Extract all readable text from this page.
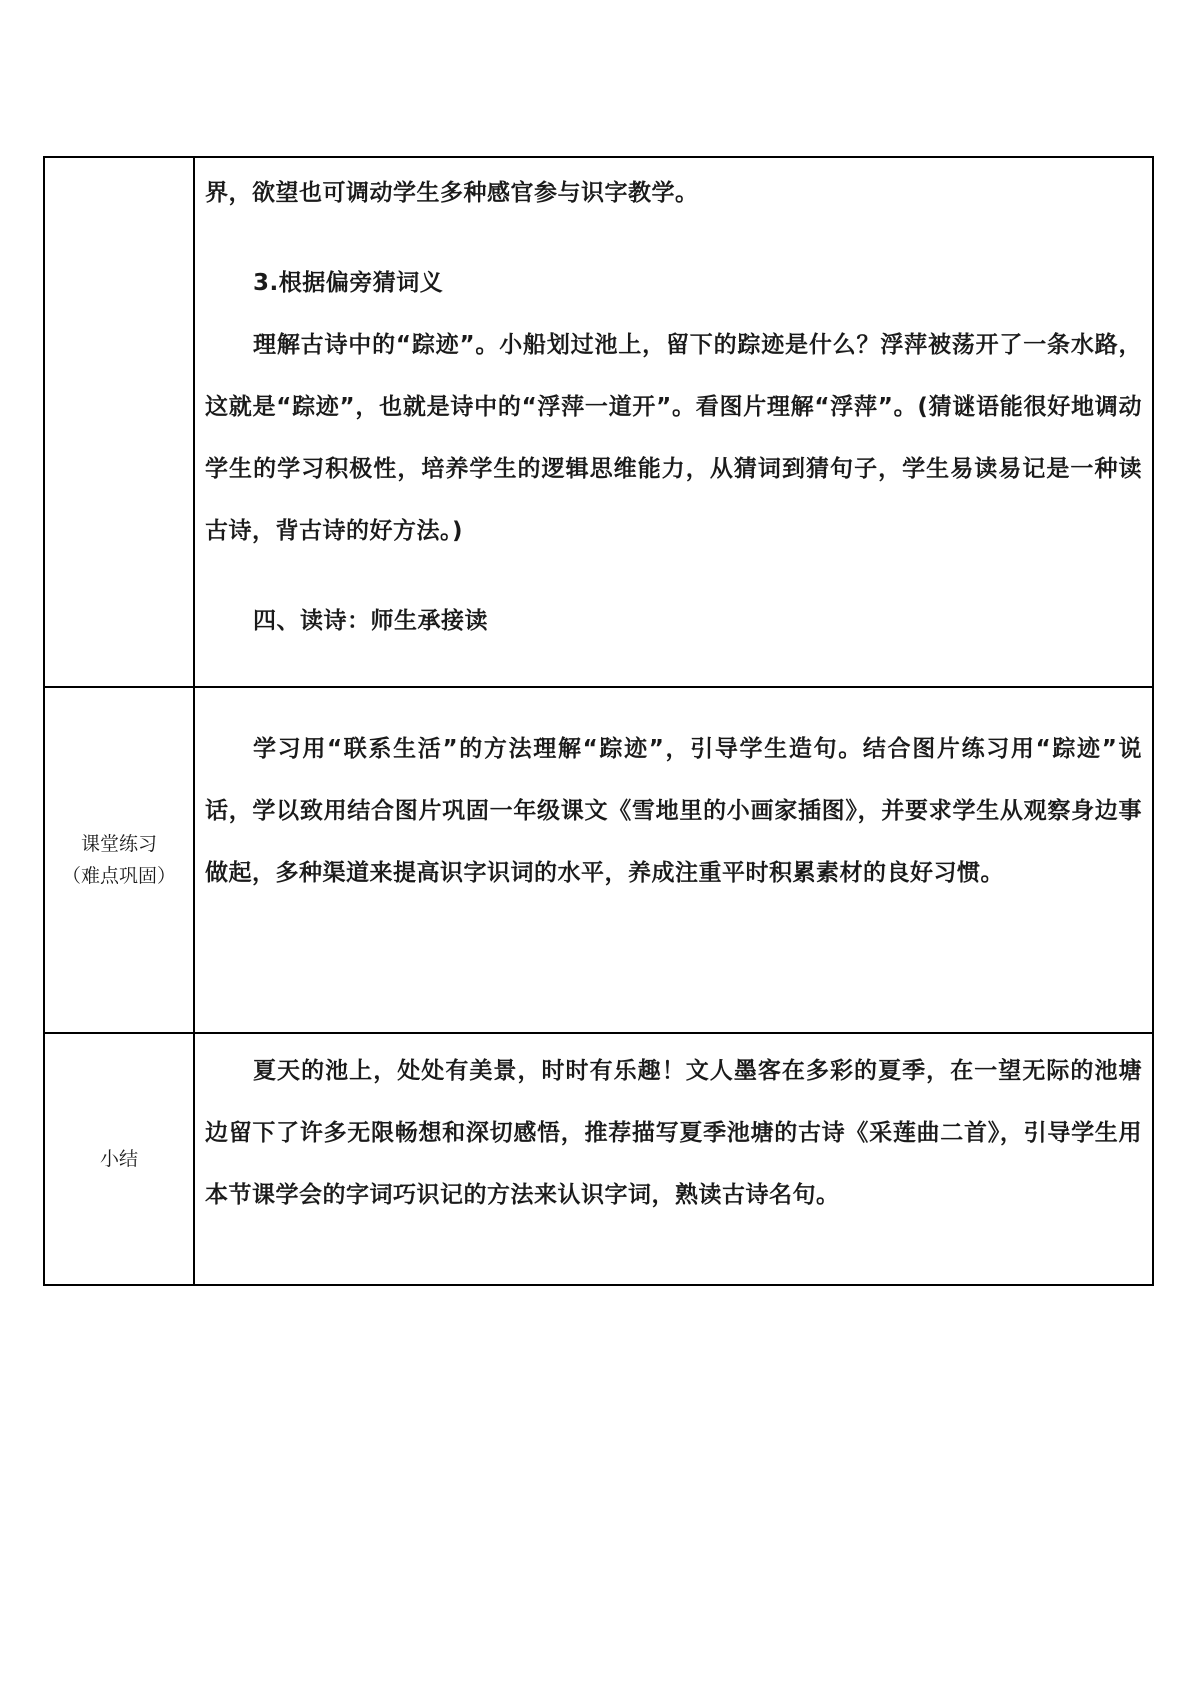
	界，欲望也可调动学生多种感官参与识字教学。

3.根据偏旁猜词义

理解古诗中的“踪迹”。小船划过池上，留下的踪迹是什么？浮萍被荡开了一条水路，这就是“踪迹”，也就是诗中的“浮萍一道开”。看图片理解“浮萍”。(猜谜语能很好地调动学生的学习积极性，培养学生的逻辑思维能力，从猜词到猜句子，学生易读易记是一种读古诗，背古诗的好方法。)

四、读诗：师生承接读

课堂练习
（难点巩固）	学习用“联系生活”的方法理解“踪迹”，引导学生造句。结合图片练习用“踪迹”说话，学以致用结合图片巩固一年级课文《雪地里的小画家插图》，并要求学生从观察身边事做起，多种渠道来提高识字识词的水平，养成注重平时积累素材的良好习惯。

小结	夏天的池上，处处有美景，时时有乐趣！文人墨客在多彩的夏季，在一望无际的池塘边留下了许多无限畅想和深切感悟，推荐描写夏季池塘的古诗《采莲曲二首》，引导学生用本节课学会的字词巧识记的方法来认识字词，熟读古诗名句。
